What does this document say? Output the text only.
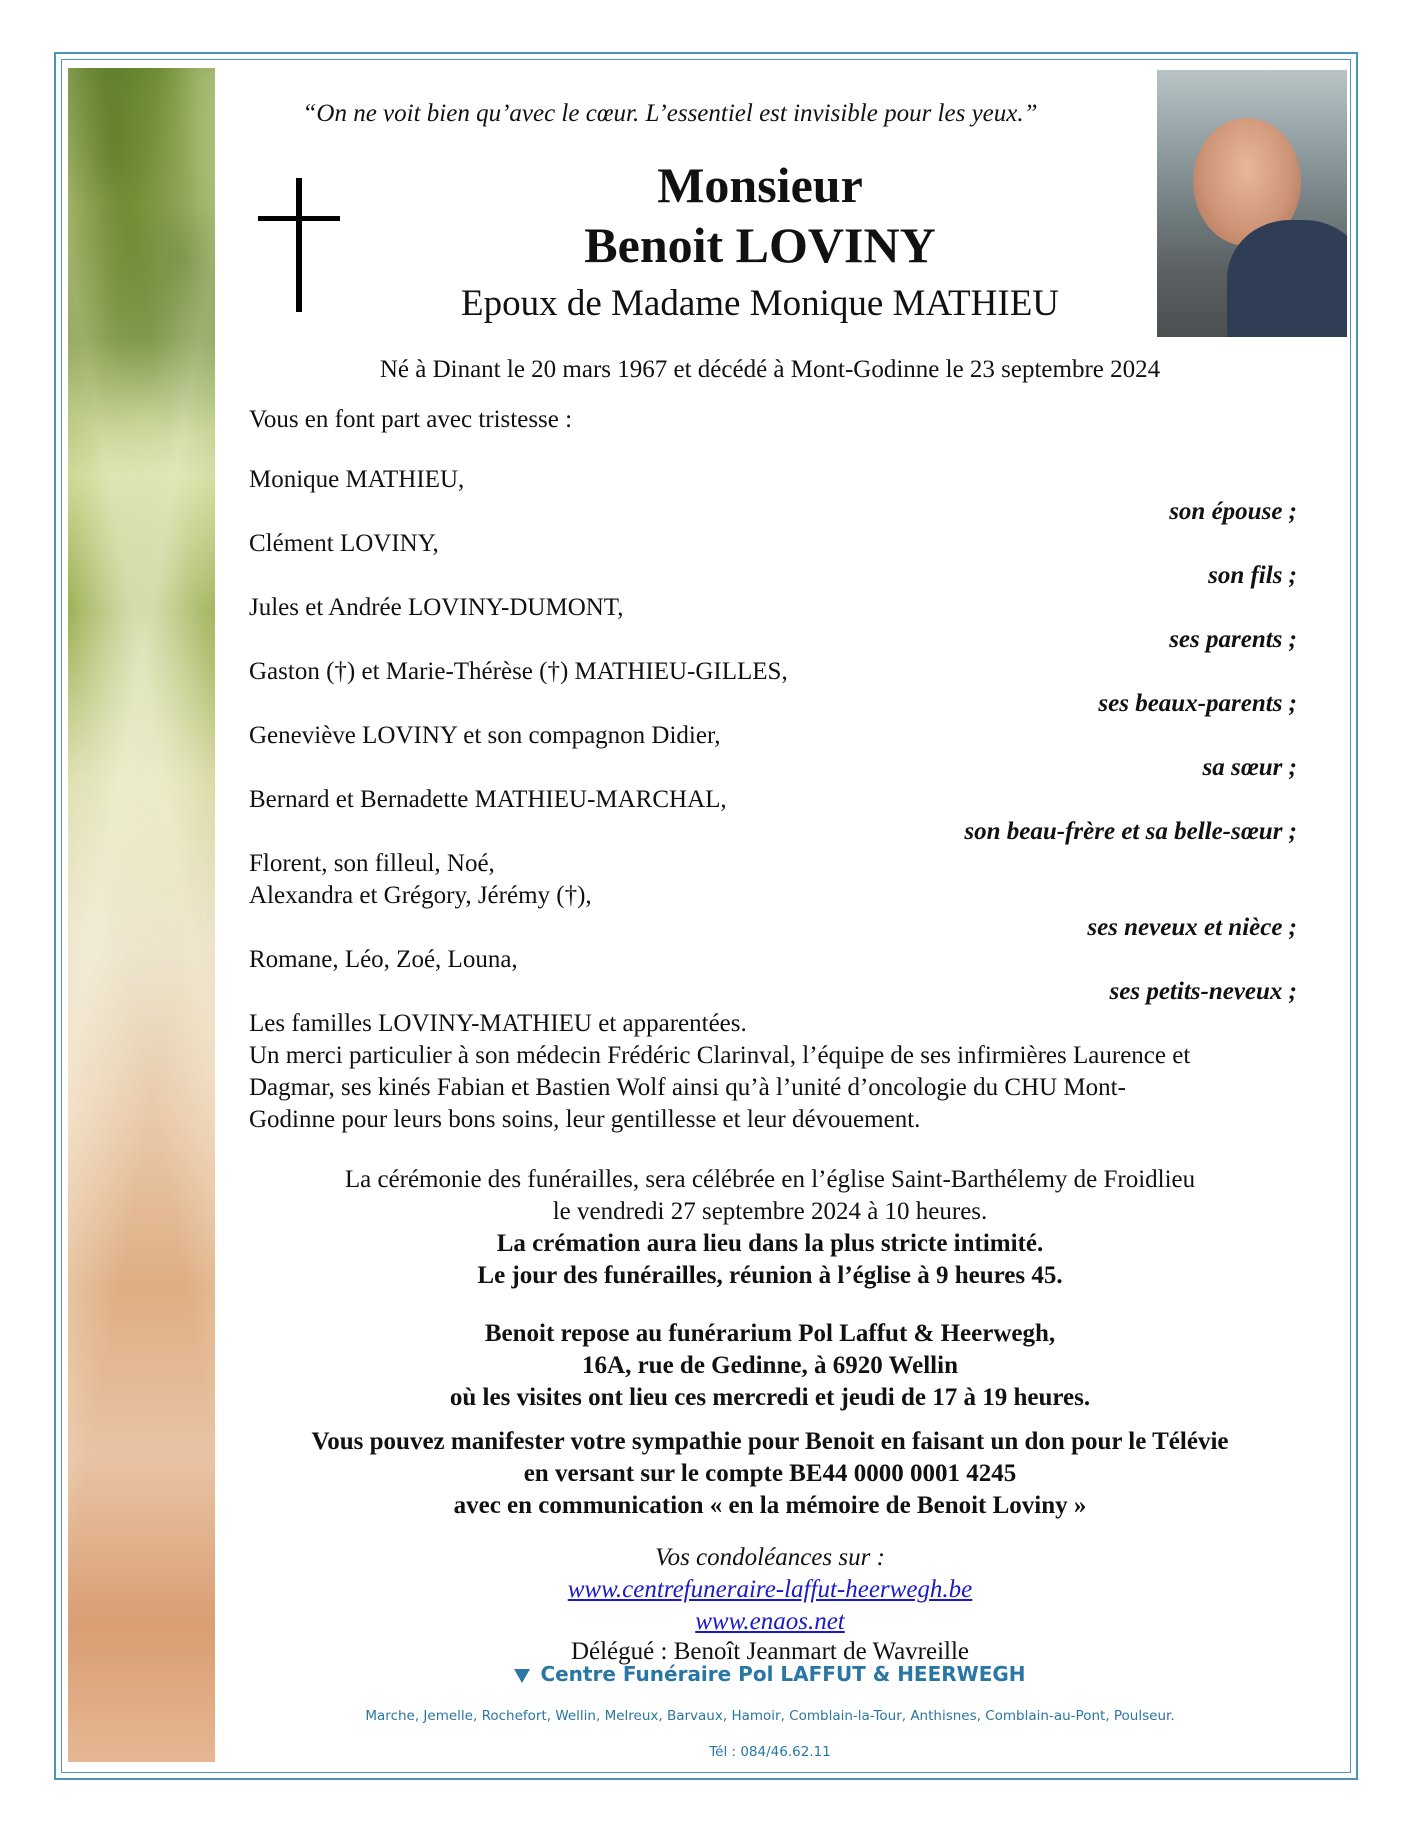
“On ne voit bien qu’avec le cœur. L’essentiel est invisible pour les yeux.”
Monsieur
Benoit LOVINY
Epoux de Madame Monique MATHIEU
Né à Dinant le 20 mars 1967 et décédé à Mont-Godinne le 23 septembre 2024
Vous en font part avec tristesse :
Monique MATHIEU,
son épouse ;
Clément LOVINY,
son fils ;
Jules et Andrée LOVINY-DUMONT,
ses parents ;
Gaston (†) et Marie-Thérèse (†) MATHIEU-GILLES,
ses beaux-parents ;
Geneviève LOVINY et son compagnon Didier,
sa sœur ;
Bernard et Bernadette MATHIEU-MARCHAL,
son beau-frère et sa belle-sœur ;
Florent, son filleul, Noé,
Alexandra et Grégory, Jérémy (†),
ses neveux et nièce ;
Romane, Léo, Zoé, Louna,
ses petits-neveux ;
Les familles LOVINY-MATHIEU et apparentées.
Un merci particulier à son médecin Frédéric Clarinval, l’équipe de ses infirmières Laurence et
Dagmar, ses kinés Fabian et Bastien Wolf ainsi qu’à l’unité d’oncologie du CHU Mont-
Godinne pour leurs bons soins, leur gentillesse et leur dévouement.
La cérémonie des funérailles, sera célébrée en l’église Saint-Barthélemy de Froidlieu
le vendredi 27 septembre 2024 à 10 heures.
La crémation aura lieu dans la plus stricte intimité.
Le jour des funérailles, réunion à l’église à 9 heures 45.
Benoit repose au funérarium Pol Laffut & Heerwegh,
16A, rue de Gedinne, à 6920 Wellin
où les visites ont lieu ces mercredi et jeudi de 17 à 19 heures.
Vous pouvez manifester votre sympathie pour Benoit en faisant un don pour le Télévie
en versant sur le compte BE44 0000 0001 4245
avec en communication « en la mémoire de Benoit Loviny »
Vos condoléances sur :
www.centrefuneraire-laffut-heerwegh.be
www.enaos.net
Délégué : Benoît Jeanmart de Wavreille
Centre Funéraire Pol LAFFUT & HEERWEGH
Marche, Jemelle, Rochefort, Wellin, Melreux, Barvaux, Hamoir, Comblain-la-Tour, Anthisnes, Comblain-au-Pont, Poulseur.
Tél : 084/46.62.11
